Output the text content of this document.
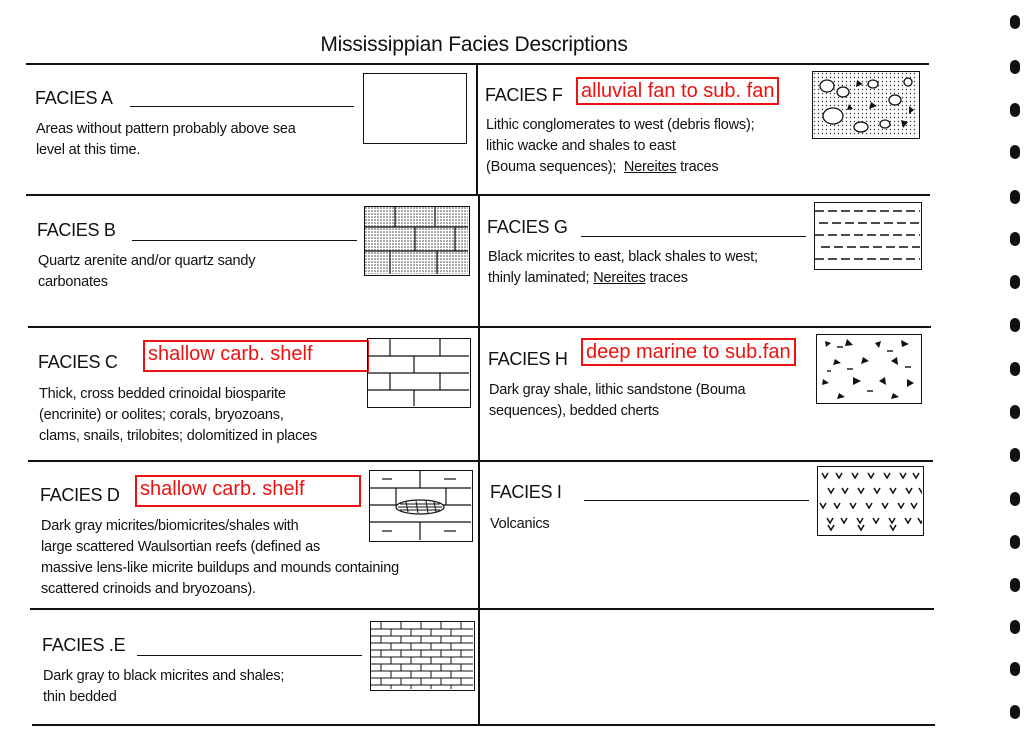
Mississippian Facies Descriptions
FACIES A
Areas without pattern probably above sea
level at this time.
FACIES F alluvial fan to sub. fan
Lithic conglomerates to west (debris flows);
lithic wacke and shales to east
(Bouma sequences); Nereites traces
FACIES B
Quartz arenite and/or quartz sandy
carbonates
FACIES G
Black micrites to east, black shales to west;
thinly laminated; Nereites traces
FACIES C shallow carb. shelf
Thick, cross bedded crinoidal biosparite
(encrinite) or oolites; corals, bryozoans,
clams, snails, trilobites; dolomitized in places
FACIES H deep marine to sub.fan
Dark gray shale, lithic sandstone (Bouma
sequences), bedded cherts
FACIES D shallow carb. shelf
Dark gray micrites/biomicrites/shales with
large scattered Waulsortian reefs (defined as
massive lens-like micrite buildups and mounds containing
scattered crinoids and bryozoans).
FACIES I
Volcanics
FACIES .E
Dark gray to black micrites and shales;
thin bedded
